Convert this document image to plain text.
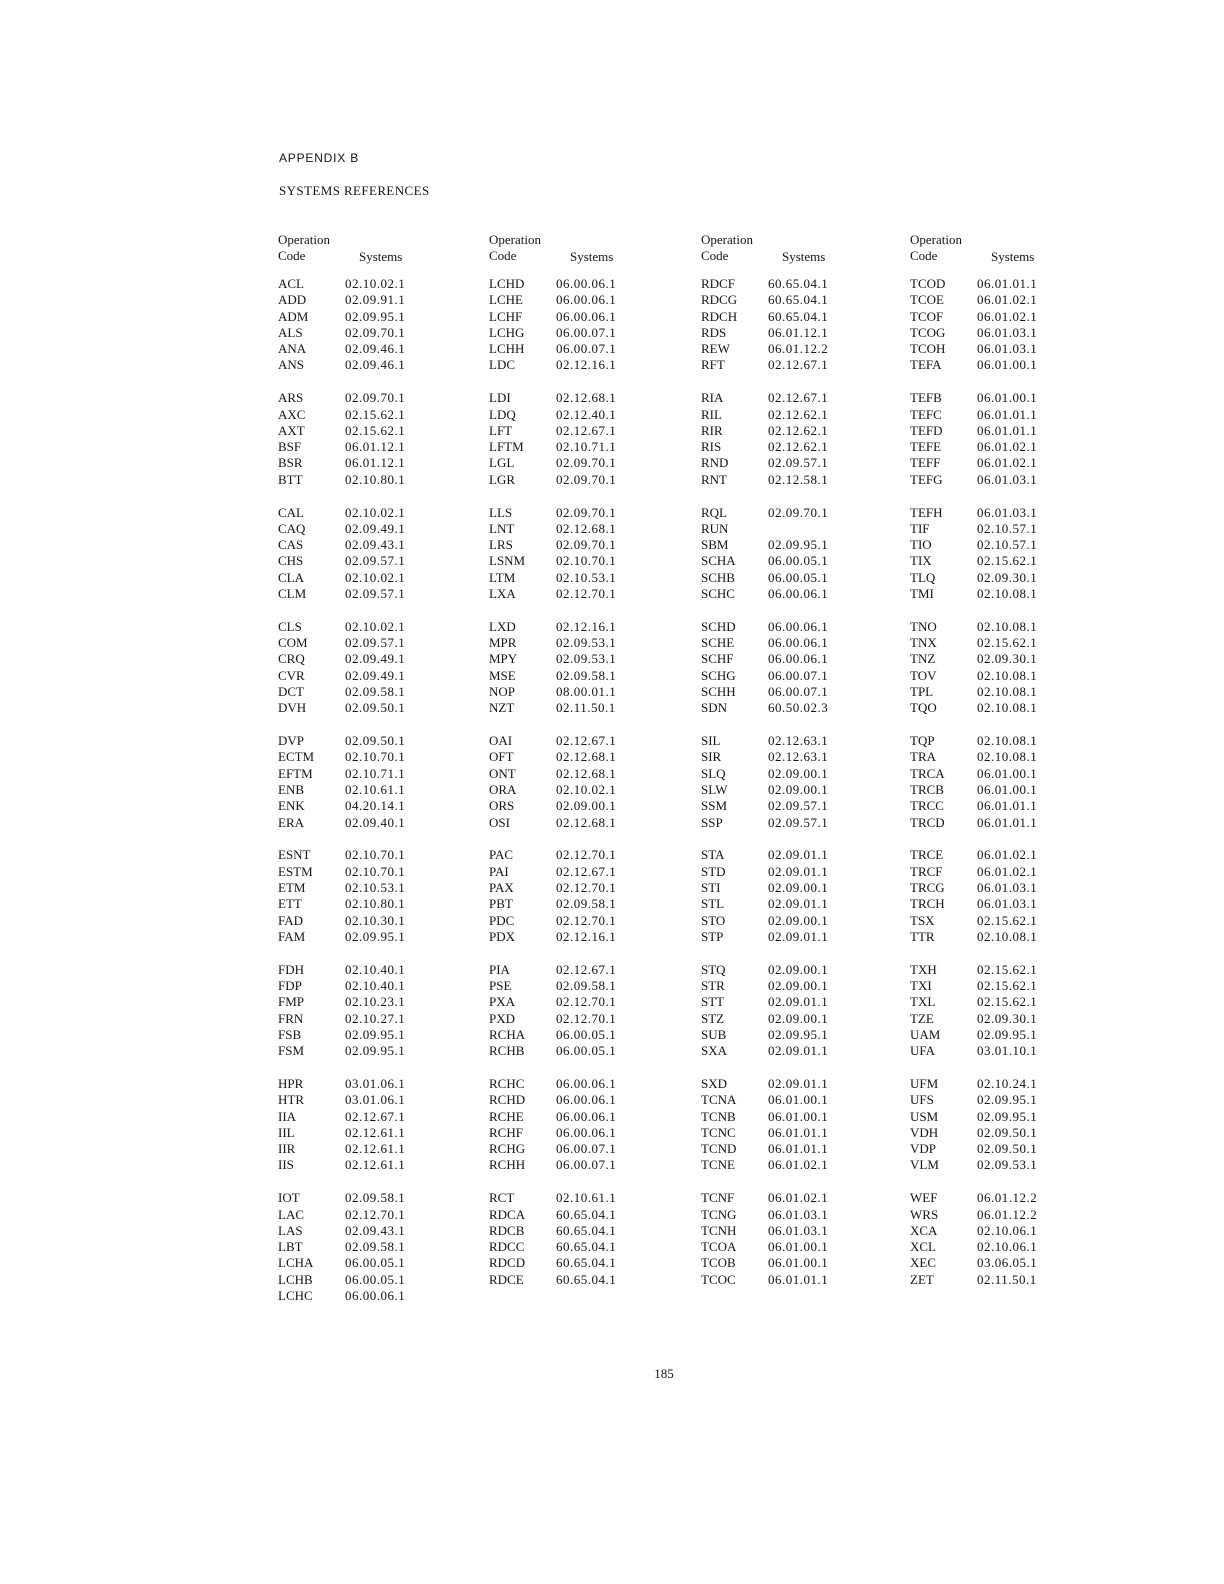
APPENDIX B
SYSTEMS REFERENCES
Operation
Code	Systems
ACL	02.10.02.1
ADD	02.09.91.1
ADM	02.09.95.1
ALS	02.09.70.1
ANA	02.09.46.1
ANS	02.09.46.1
ARS	02.09.70.1
AXC	02.15.62.1
AXT	02.15.62.1
BSF	06.01.12.1
BSR	06.01.12.1
BTT	02.10.80.1
CAL	02.10.02.1
CAQ	02.09.49.1
CAS	02.09.43.1
CHS	02.09.57.1
CLA	02.10.02.1
CLM	02.09.57.1
CLS	02.10.02.1
COM	02.09.57.1
CRQ	02.09.49.1
CVR	02.09.49.1
DCT	02.09.58.1
DVH	02.09.50.1
DVP	02.09.50.1
ECTM 02.10.70.1
EFTM 02.10.71.1
ENB	02.10.61.1
ENK	04.20.14.1
ERA	02.09.40.1
ESNT	02.10.70.1
ESTM 02.10.70.1
ETM	02.10.53.1
ETT	02.10.80.1
FAD	02.10.30.1
FAM	02.09.95.1
FDH	02.10.40.1
FDP	02.10.40.1
FMP	02.10.23.1
FRN	02.10.27.1
FSB	02.09.95.1
FSM	02.09.95.1
HPR	03.01.06.1
HTR	03.01.06.1
IIA	02.12.67.1
IIL	02.12.61.1
IIR	02.12.61.1
IIS	02.12.61.1
IOT	02.09.58.1
LAC	02.12.70.1
LAS	02.09.43.1
LBT	02.09.58.1
LCHA 06.00.05.1
LCHB 06.00.05.1
LCHC 06.00.06.1
Operation
Code	Systems
LCHD 06.00.06.1
LCHE	06.00.06.1
LCHF	06.00.06.1
LCHG 06.00.07.1
LCHH 06.00.07.1
LDC	02.12.16.1
LDI	02.12.68.1
LDQ	02.12.40.1
LFT	02.12.67.1
LFTM 02.10.71.1
LGL	02.09.70.1
LGR	02.09.70.1
LLS	02.09.70.1
LNT	02.12.68.1
LRS	02.09.70.1
LSNM 02.10.70.1
LTM	02.10.53.1
LXA	02.12.70.1
LXD	02.12.16.1
MPR	02.09.53.1
MPY	02.09.53.1
MSE	02.09.58.1
NOP	08.00.01.1
NZT	02.11.50.1
OAI	02.12.67.1
OFT	02.12.68.1
ONT	02.12.68.1
ORA	02.10.02.1
ORS	02.09.00.1
OSI	02.12.68.1
PAC	02.12.70.1
PAI	02.12.67.1
PAX	02.12.70.1
PBT	02.09.58.1
PDC	02.12.70.1
PDX	02.12.16.1
PIA	02.12.67.1
PSE	02.09.58.1
PXA	02.12.70.1
PXD	02.12.70.1
RCHA 06.00.05.1
RCHB 06.00.05.1
RCHC 06.00.06.1
RCHD 06.00.06.1
RCHE 06.00.06.1
RCHF	06.00.06.1
RCHG 06.00.07.1
RCHH 06.00.07.1
RCT	02.10.61.1
RDCA 60.65.04.1
RDCB 60.65.04.1
RDCC 60.65.04.1
RDCD 60.65.04.1
RDCE 60.65.04.1
Operation
Code	Systems
RDCF	60.65.04.1
RDCG 60.65.04.1
RDCH 60.65.04.1
RDS	06.01.12.1
REW	06.01.12.2
RFT	02.12.67.1
RIA	02.12.67.1
RIL	02.12.62.1
RIR	02.12.62.1
RIS	02.12.62.1
RND	02.09.57.1
RNT	02.12.58.1
RQL	02.09.70.1
RUN
SBM	02.09.95.1
SCHA 06.00.05.1
SCHB	06.00.05.1
SCHC	06.00.06.1
SCHD 06.00.06.1
SCHE	06.00.06.1
SCHF	06.00.06.1
SCHG 06.00.07.1
SCHH 06.00.07.1
SDN	60.50.02.3
SIL	02.12.63.1
SIR	02.12.63.1
SLQ	02.09.00.1
SLW	02.09.00.1
SSM	02.09.57.1
SSP	02.09.57.1
STA	02.09.01.1
STD	02.09.01.1
STI	02.09.00.1
STL	02.09.01.1
STO	02.09.00.1
STP	02.09.01.1
STQ	02.09.00.1
STR	02.09.00.1
STT	02.09.01.1
STZ	02.09.00.1
SUB	02.09.95.1
SXA	02.09.01.1
SXD	02.09.01.1
TCNA 06.01.00.1
TCNB 06.01.00.1
TCNC 06.01.01.1
TCND 06.01.01.1
TCNE	06.01.02.1
TCNF	06.01.02.1
TCNG 06.01.03.1
TCNH 06.01.03.1
TCOA 06.01.00.1
TCOB 06.01.00.1
TCOC 06.01.01.1
Operation
Code	Systems
TCOD 06.01.01.1
TCOE	06.01.02.1
TCOF	06.01.02.1
TCOG 06.01.03.1
TCOH 06.01.03.1
TEFA	06.01.00.1
TEFB	06.01.00.1
TEFC	06.01.01.1
TEFD	06.01.01.1
TEFE	06.01.02.1
TEFF	06.01.02.1
TEFG	06.01.03.1
TEFH	06.01.03.1
TIF	02.10.57.1
TIO	02.10.57.1
TIX	02.15.62.1
TLQ	02.09.30.1
TMI	02.10.08.1
TNO	02.10.08.1
TNX	02.15.62.1
TNZ	02.09.30.1
TOV	02.10.08.1
TPL	02.10.08.1
TQO	02.10.08.1
TQP	02.10.08.1
TRA	02.10.08.1
TRCA 06.01.00.1
TRCB	06.01.00.1
TRCC	06.01.01.1
TRCD 06.01.01.1
TRCE	06.01.02.1
TRCF	06.01.02.1
TRCG 06.01.03.1
TRCH 06.01.03.1
TSX	02.15.62.1
TTR	02.10.08.1
TXH	02.15.62.1
TXI	02.15.62.1
TXL	02.15.62.1
TZE	02.09.30.1
UAM	02.09.95.1
UFA	03.01.10.1
UFM	02.10.24.1
UFS	02.09.95.1
USM	02.09.95.1
VDH	02.09.50.1
VDP	02.09.50.1
VLM	02.09.53.1
WEF	06.01.12.2
WRS	06.01.12.2
XCA	02.10.06.1
XCL	02.10.06.1
XEC	03.06.05.1
ZET	02.11.50.1
185
